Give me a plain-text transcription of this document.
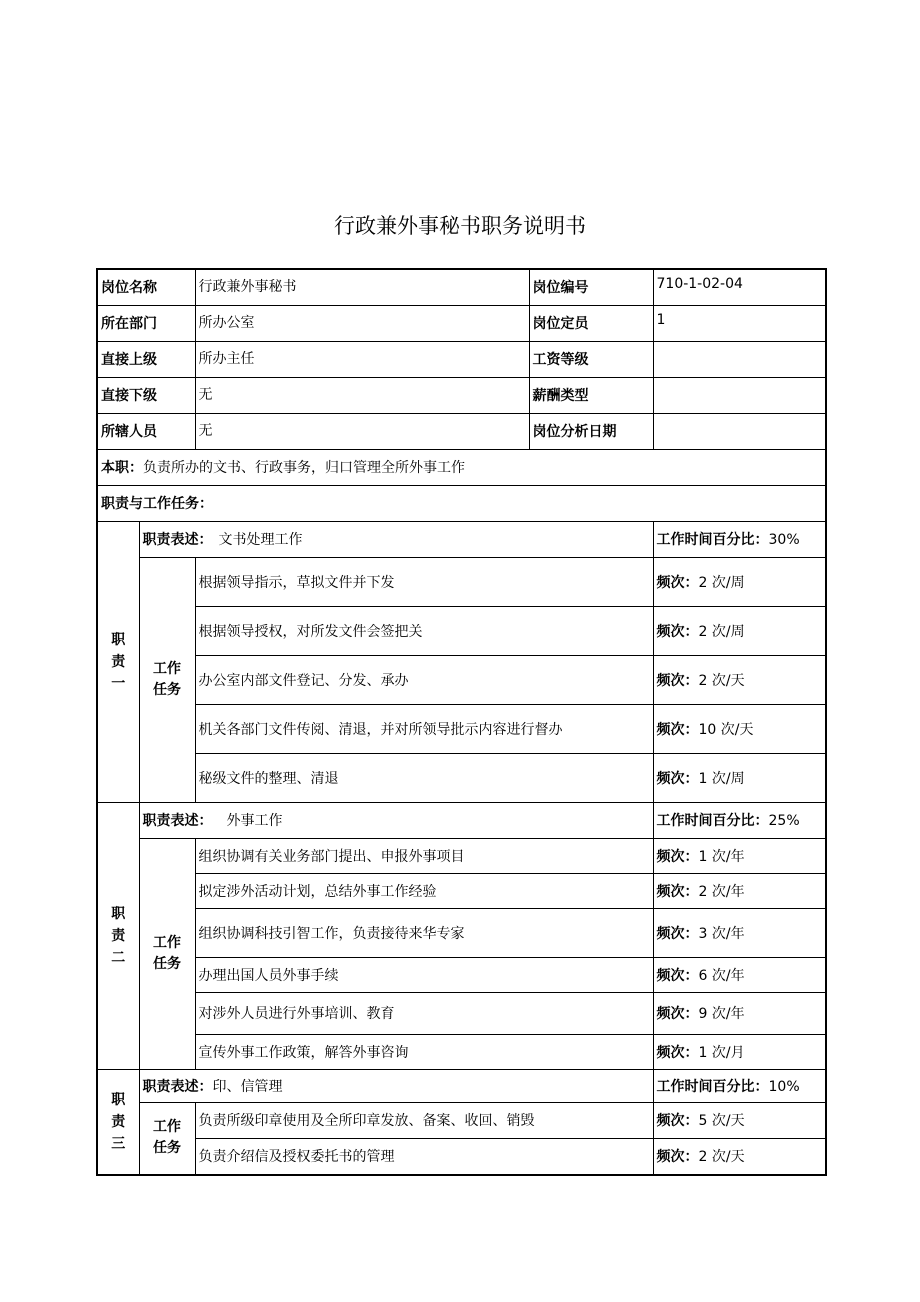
行政兼外事秘书职务说明书
岗位名称		行政兼外事秘书	岗位编号	710-1-02-04
所在部门		所办公室	岗位定员	1
直接上级		所办主任	工资等级	
直接下级		无	薪酬类型	
所辖人员		无	岗位分析日期	
本职：负责所办的文书、行政事务，归口管理全所外事工作				
职责与工作任务：				
职责一	职责表述： 文书处理工作			工作时间百分比：30%
	工作任务	根据领导指示，草拟文件并下发		频次：2 次/周
		根据领导授权，对所发文件会签把关		频次：2 次/周
		办公室内部文件登记、分发、承办		频次：2 次/天
		机关各部门文件传阅、清退，并对所领导批示内容进行督办		频次：10 次/天
		秘级文件的整理、清退		频次：1 次/周
职责二	职责表述： 外事工作			工作时间百分比：25%
	工作任务	组织协调有关业务部门提出、申报外事项目		频次：1 次/年
		拟定涉外活动计划，总结外事工作经验		频次：2 次/年
		组织协调科技引智工作，负责接待来华专家		频次：3 次/年
		办理出国人员外事手续		频次：6 次/年
		对涉外人员进行外事培训、教育		频次：9 次/年
		宣传外事工作政策，解答外事咨询		频次：1 次/月
职责三	职责表述：印、信管理			工作时间百分比：10%
	工作任务	负责所级印章使用及全所印章发放、备案、收回、销毁		频次：5 次/天
		负责介绍信及授权委托书的管理		频次：2 次/天
